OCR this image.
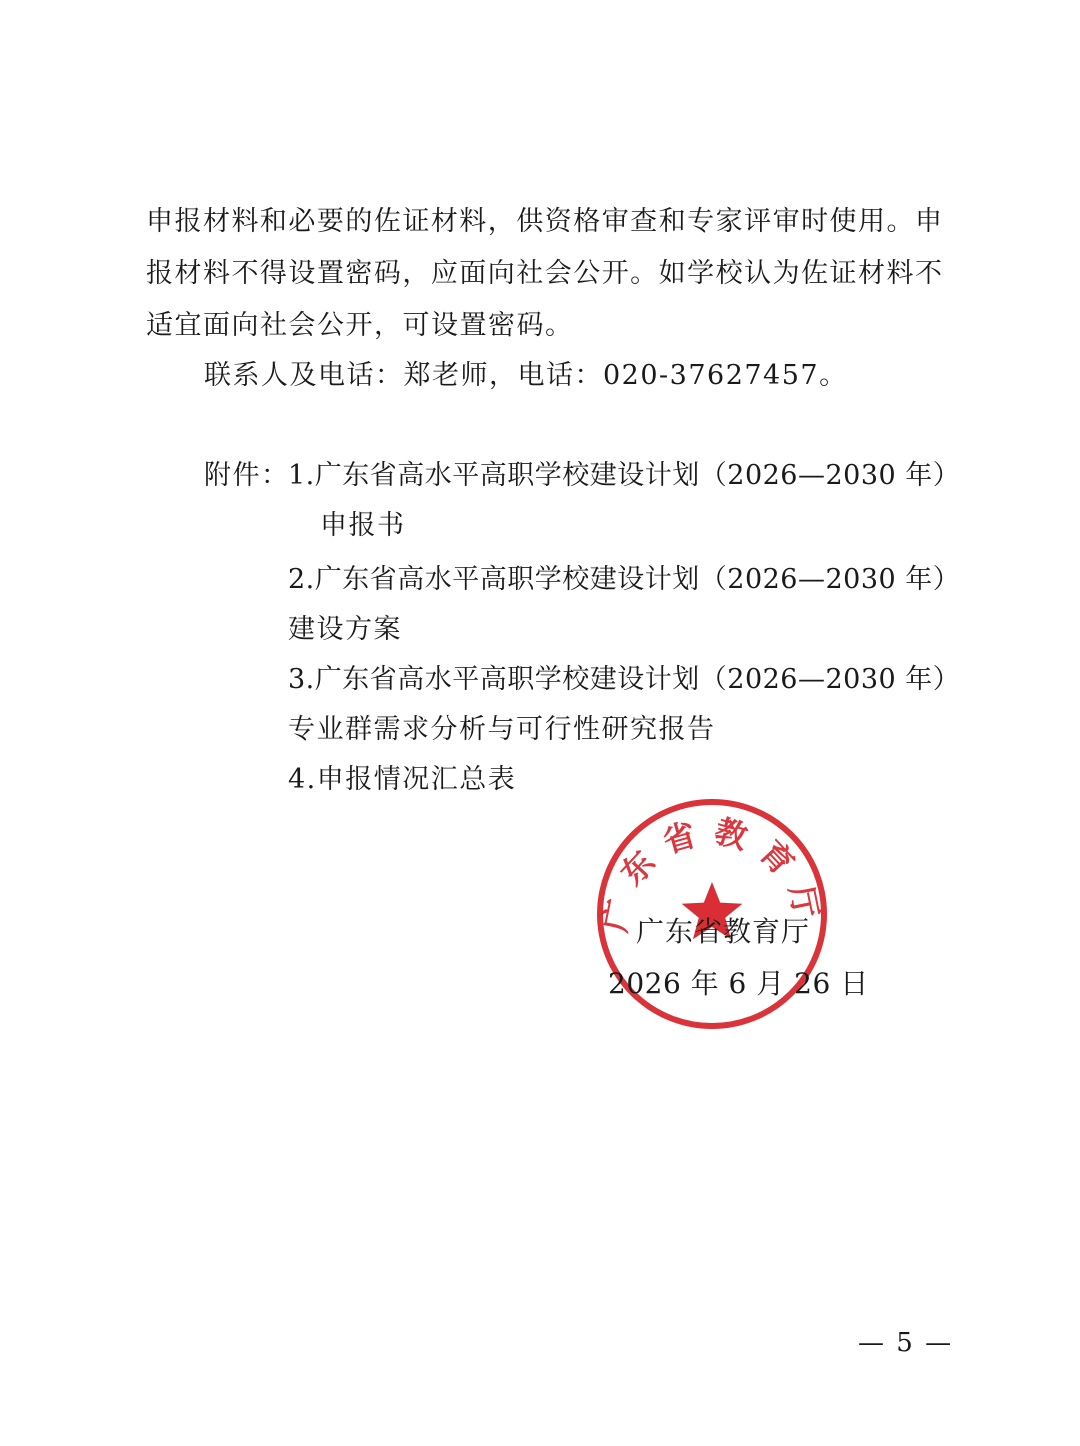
申报材料和必要的佐证材料，供资格审查和专家评审时使用。申
报材料不得设置密码，应面向社会公开。如学校认为佐证材料不
适宜面向社会公开，可设置密码。
联系人及电话：郑老师，电话：020-37627457。
附件：
1.广东省高水平高职学校建设计划（2026—2030 年）
申报书
2.广东省高水平高职学校建设计划（2026—2030 年）
建设方案
3.广东省高水平高职学校建设计划（2026—2030 年）
专业群需求分析与可行性研究报告
4.申报情况汇总表
广东省教育厅
广东省教育厅
2026 年 6 月 26 日
— 5 —
